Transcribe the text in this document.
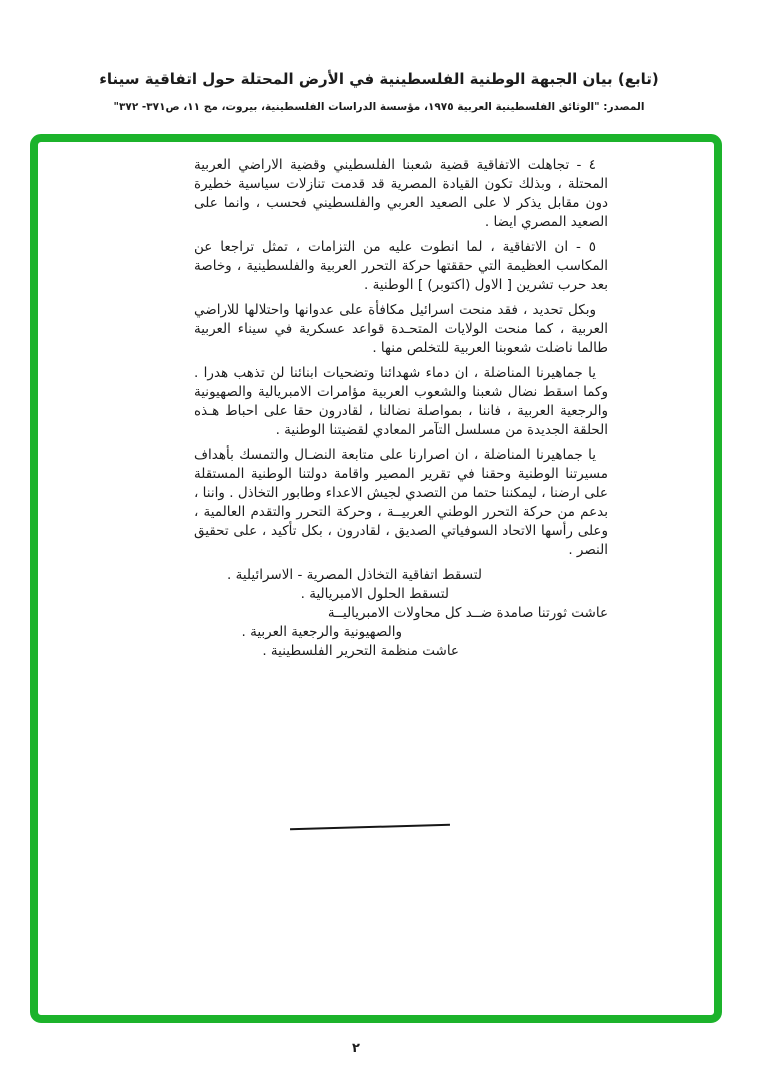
(تابع) بيان الجبهة الوطنية الفلسطينية في الأرض المحتلة حول اتفاقية سيناء
المصدر: "الوثائق الفلسطينية العربية ١٩٧٥، مؤسسة الدراسات الفلسطينية، بيروت، مج ١١، ص٣٧١- ٣٧٢"

٤ - تجاهلت الاتفاقية قضية شعبنا الفلسطيني وقضية الاراضي العربية المحتلة ، وبذلك تكون القيادة المصرية قد قدمت تنازلات سياسية خطيرة دون مقابل يذكر لا على الصعيد العربي والفلسطيني فحسب ، وانما على الصعيد المصري ايضا .

٥ - ان الاتفاقية ، لما انطوت عليه من التزامات ، تمثل تراجعا عن المكاسب العظيمة التي حققتها حركة التحرر العربية والفلسطينية ، وخاصة بعد حرب تشرين [ الاول (اكتوبر) ] الوطنية .

وبكل تحديد ، فقد منحت اسرائيل مكافأة على عدوانها واحتلالها للاراضي العربية ، كما منحت الولايات المتحـدة قواعد عسكرية في سيناء العربية طالما ناضلت شعوبنا العربية للتخلص منها .

يا جماهيرنا المناضلة ، ان دماء شهدائنا وتضحيات ابنائنا لن تذهب هدرا . وكما اسقط نضال شعبنا والشعوب العربية مؤامرات الامبريالية والصهيونية والرجعية العربية ، فاننا ، بمواصلة نضالنا ، لقادرون حقا على احباط هـذه الحلقة الجديدة من مسلسل التآمر المعادي لقضيتنا الوطنية .

يا جماهيرنا المناضلة ، ان اصرارنا على متابعة النضـال والتمسك بأهداف مسيرتنا الوطنية وحقنا في تقرير المصير واقامة دولتنا الوطنية المستقلة على ارضنا ، ليمكننا حتما من التصدي لجيش الاعداء وطابور التخاذل . واننا ، بدعم من حركة التحرر الوطني العربيــة ، وحركة التحرر والتقدم العالمية ، وعلى رأسها الاتحاد السوفياتي الصديق ، لقادرون ، بكل تأكيد ، على تحقيق النصر .

لتسقط اتفاقية التخاذل المصرية - الاسرائيلية .

لتسقط الحلول الامبريالية .

عاشت ثورتنا صامدة ضــد كل محاولات الامبرياليــة

والصهيونية والرجعية العربية .

عاشت منظمة التحرير الفلسطينية .

٢
